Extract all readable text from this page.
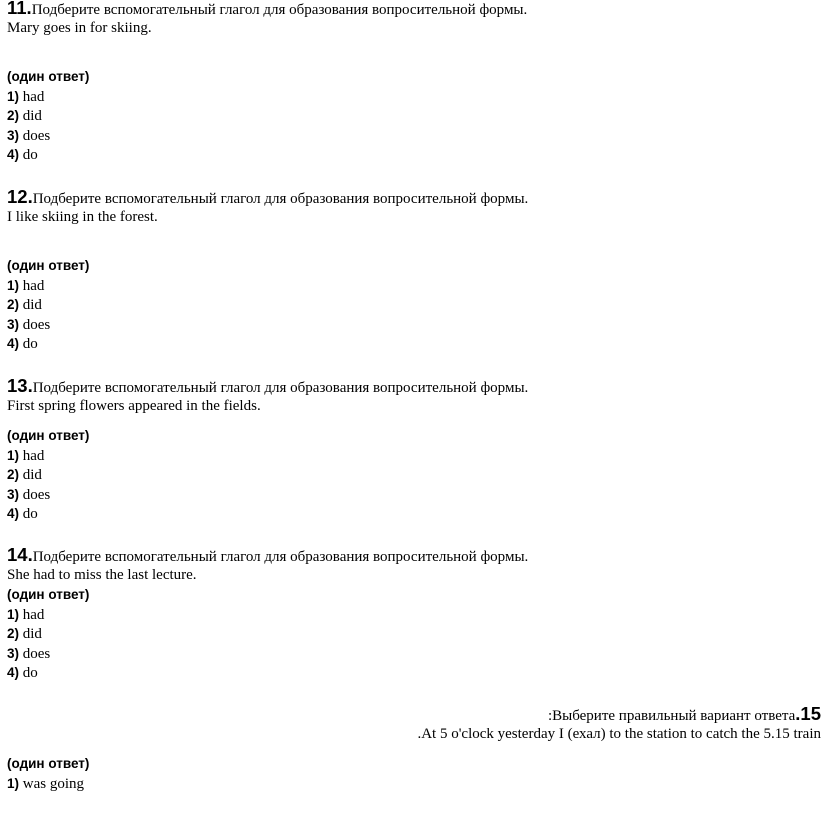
11.Подберите вспомогательный глагол для образования вопросительной формы.
Mary goes in for skiing.
(один ответ)
1) had
2) did
3) does
4) do
12.Подберите вспомогательный глагол для образования вопросительной формы.
I like skiing in the forest.
(один ответ)
1) had
2) did
3) does
4) do
13.Подберите вспомогательный глагол для образования вопросительной формы.
First spring flowers appeared in the fields.
(один ответ)
1) had
2) did
3) does
4) do
14.Подберите вспомогательный глагол для образования вопросительной формы.
She had to miss the last lecture.
(один ответ)
1) had
2) did
3) does
4) do
:Выберите правильный вариант ответа.15
.At 5 o'clock yesterday I (ехал) to the station to catch the 5.15 train
(один ответ)
1) was going
